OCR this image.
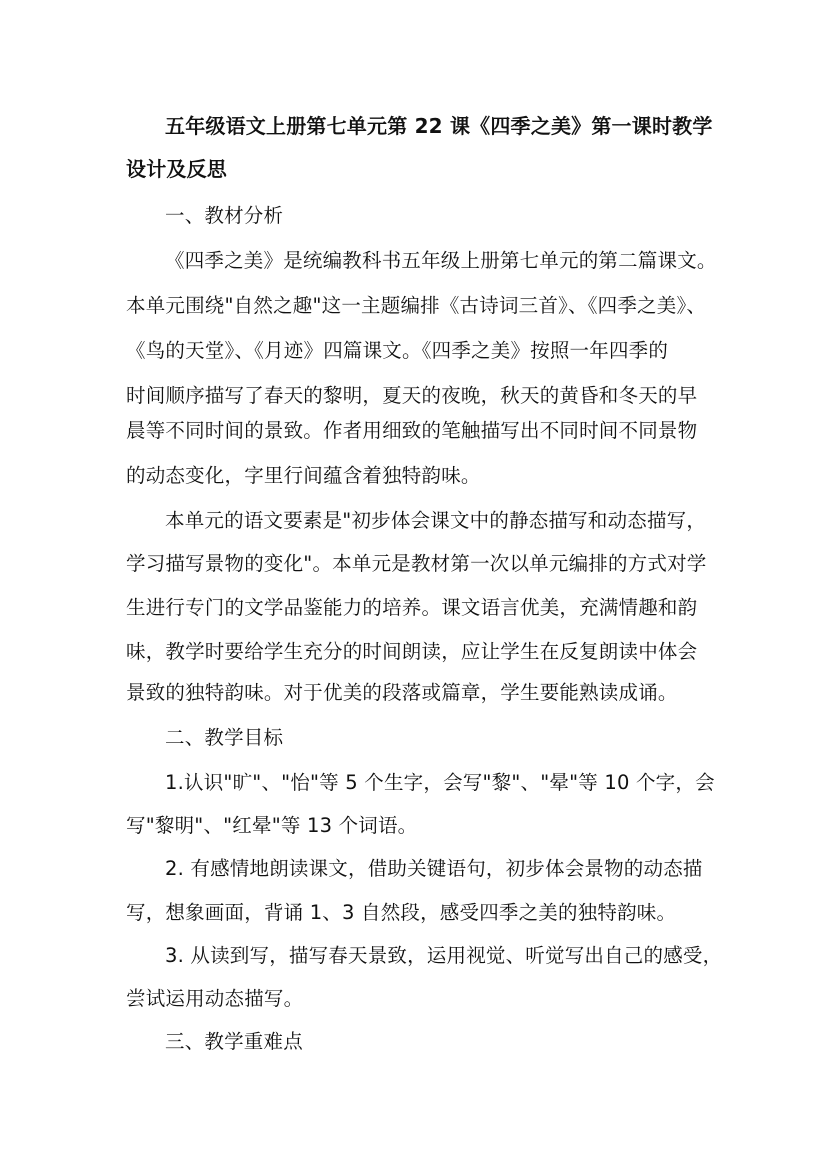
五年级语文上册第七单元第 22 课《四季之美》第一课时教学
设计及反思
一、教材分析
《四季之美》是统编教科书五年级上册第七单元的第二篇课文。
本单元围绕"自然之趣"这一主题编排《古诗词三首》、《四季之美》、
《鸟的天堂》、《月迹》四篇课文。《四季之美》按照一年四季的
时间顺序描写了春天的黎明，夏天的夜晚，秋天的黄昏和冬天的早
晨等不同时间的景致。作者用细致的笔触描写出不同时间不同景物
的动态变化，字里行间蕴含着独特韵味。
本单元的语文要素是"初步体会课文中的静态描写和动态描写，
学习描写景物的变化"。本单元是教材第一次以单元编排的方式对学
生进行专门的文学品鉴能力的培养。课文语言优美，充满情趣和韵
味，教学时要给学生充分的时间朗读，应让学生在反复朗读中体会
景致的独特韵味。对于优美的段落或篇章，学生要能熟读成诵。
二、教学目标
1.认识"旷"、"怡"等 5 个生字，会写"黎"、"晕"等 10 个字，会
写"黎明"、"红晕"等 13 个词语。
2. 有感情地朗读课文，借助关键语句，初步体会景物的动态描
写，想象画面，背诵 1、3 自然段，感受四季之美的独特韵味。
3. 从读到写，描写春天景致，运用视觉、听觉写出自己的感受，
尝试运用动态描写。
三、教学重难点
